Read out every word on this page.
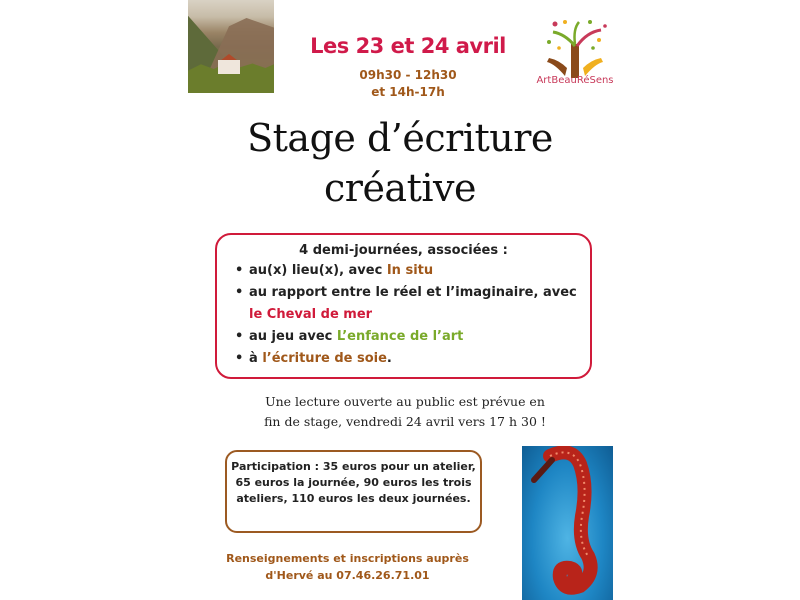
Les 23 et 24 avril
09h30 - 12h30
et 14h-17h
ArtBeauRéSens
Stage d’écriture
créative
4 demi-journées, associées :
• au(x) lieu(x), avec In situ
• au rapport entre le réel et l’imaginaire, avec
le Cheval de mer
• au jeu avec L’enfance de l’art
• à l’écriture de soie.
Une lecture ouverte au public est prévue en
fin de stage, vendredi 24 avril vers 17 h 30 !
Participation : 35 euros pour un atelier,
65 euros la journée, 90 euros les trois
ateliers, 110 euros les deux journées.
Renseignements et inscriptions auprès
d'Hervé au 07.46.26.71.01
